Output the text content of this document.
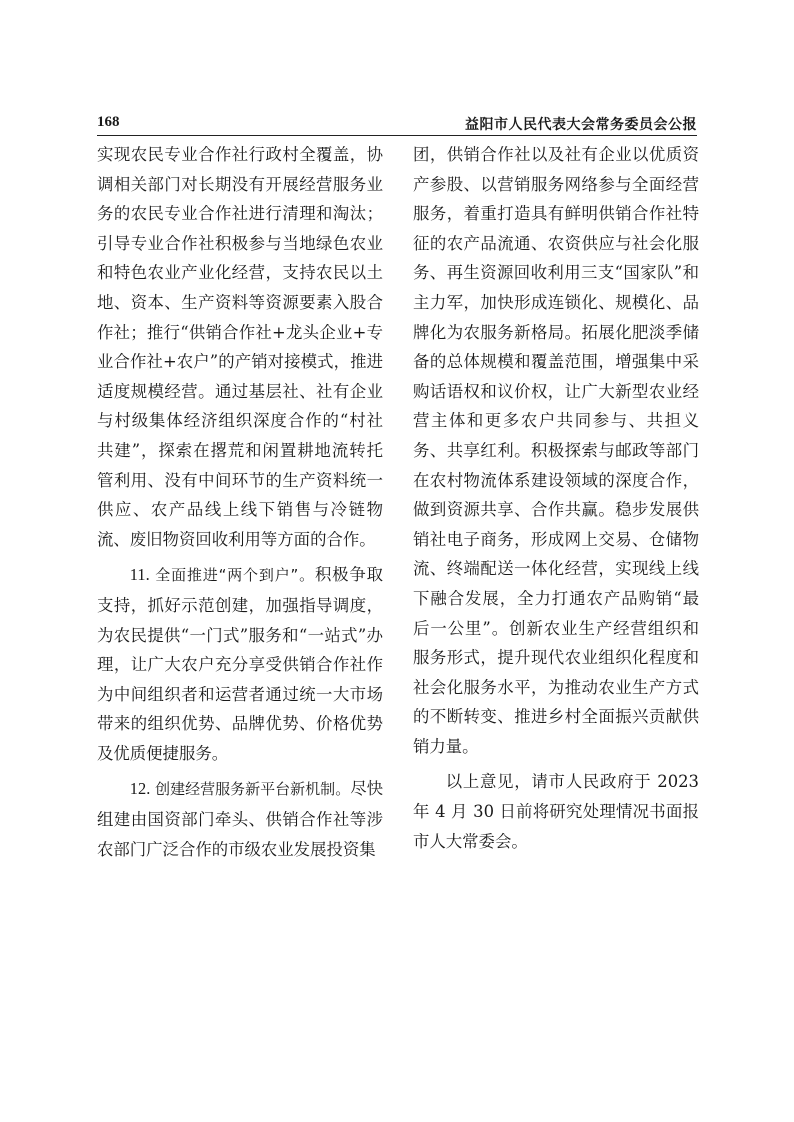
168	益阳市人民代表大会常务委员会公报

实现农民专业合作社行政村全覆盖，协调相关部门对长期没有开展经营服务业务的农民专业合作社进行清理和淘汰；引导专业合作社积极参与当地绿色农业和特色农业产业化经营，支持农民以土地、资本、生产资料等资源要素入股合作社；推行“供销合作社+龙头企业+专业合作社+农户”的产销对接模式，推进适度规模经营。通过基层社、社有企业与村级集体经济组织深度合作的“村社共建”，探索在撂荒和闲置耕地流转托管利用、没有中间环节的生产资料统一供应、农产品线上线下销售与冷链物流、废旧物资回收利用等方面的合作。

11. 全面推进“两个到户”。积极争取支持，抓好示范创建，加强指导调度，为农民提供“一门式”服务和“一站式”办理，让广大农户充分享受供销合作社作为中间组织者和运营者通过统一大市场带来的组织优势、品牌优势、价格优势及优质便捷服务。

12. 创建经营服务新平台新机制。尽快组建由国资部门牵头、供销合作社等涉农部门广泛合作的市级农业发展投资集

团，供销合作社以及社有企业以优质资产参股、以营销服务网络参与全面经营服务，着重打造具有鲜明供销合作社特征的农产品流通、农资供应与社会化服务、再生资源回收利用三支“国家队”和主力军，加快形成连锁化、规模化、品牌化为农服务新格局。拓展化肥淡季储备的总体规模和覆盖范围，增强集中采购话语权和议价权，让广大新型农业经营主体和更多农户共同参与、共担义务、共享红利。积极探索与邮政等部门在农村物流体系建设领域的深度合作，做到资源共享、合作共赢。稳步发展供销社电子商务，形成网上交易、仓储物流、终端配送一体化经营，实现线上线下融合发展，全力打通农产品购销“最后一公里”。创新农业生产经营组织和服务形式，提升现代农业组织化程度和社会化服务水平，为推动农业生产方式的不断转变、推进乡村全面振兴贡献供销力量。

以上意见，请市人民政府于 2023 年 4 月 30 日前将研究处理情况书面报市人大常委会。
